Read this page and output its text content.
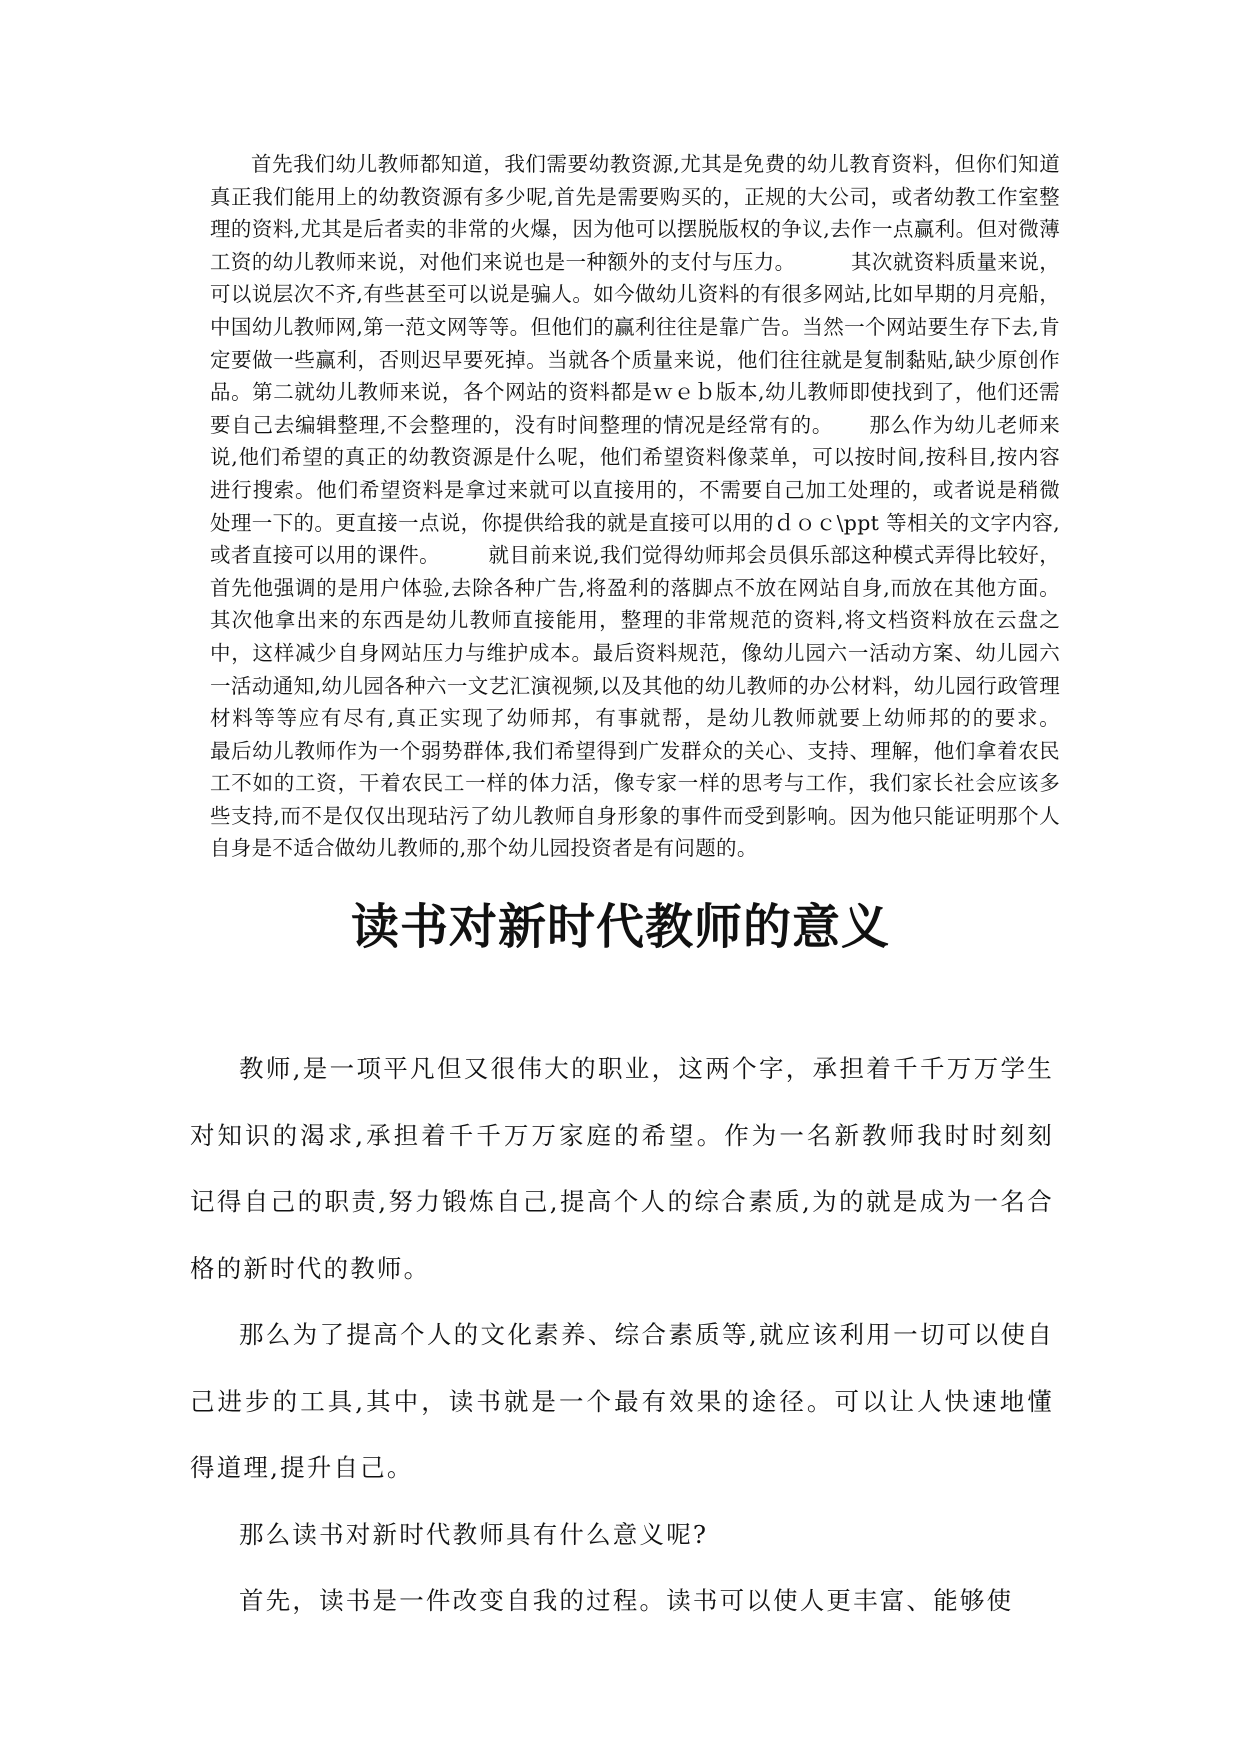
首先我们幼儿教师都知道，我们需要幼教资源,尤其是免费的幼儿教育资料，但你们知道真正我们能用上的幼教资源有多少呢,首先是需要购买的，正规的大公司，或者幼教工作室整理的资料,尤其是后者卖的非常的火爆，因为他可以摆脱版权的争议,去作一点赢利。但对微薄工资的幼儿教师来说，对他们来说也是一种额外的支付与压力。        其次就资料质量来说，可以说层次不齐,有些甚至可以说是骗人。如今做幼儿资料的有很多网站,比如早期的月亮船，中国幼儿教师网,第一范文网等等。但他们的赢利往往是靠广告。当然一个网站要生存下去,肯定要做一些赢利，否则迟早要死掉。当就各个质量来说，他们往往就是复制黏贴,缺少原创作品。第二就幼儿教师来说，各个网站的资料都是ｗｅｂ版本,幼儿教师即使找到了，他们还需要自己去编辑整理,不会整理的，没有时间整理的情况是经常有的。     那么作为幼儿老师来说,他们希望的真正的幼教资源是什么呢，他们希望资料像菜单，可以按时间,按科目,按内容进行搜索。他们希望资料是拿过来就可以直接用的，不需要自己加工处理的，或者说是稍微处理一下的。更直接一点说，你提供给我的就是直接可以用的ｄｏｃ\ppt 等相关的文字内容,或者直接可以用的课件。       就目前来说,我们觉得幼师邦会员俱乐部这种模式弄得比较好，首先他强调的是用户体验,去除各种广告,将盈利的落脚点不放在网站自身,而放在其他方面。其次他拿出来的东西是幼儿教师直接能用，整理的非常规范的资料,将文档资料放在云盘之中，这样减少自身网站压力与维护成本。最后资料规范，像幼儿园六一活动方案、幼儿园六一活动通知,幼儿园各种六一文艺汇演视频,以及其他的幼儿教师的办公材料，幼儿园行政管理材料等等应有尽有,真正实现了幼师邦，有事就帮，是幼儿教师就要上幼师邦的的要求。     最后幼儿教师作为一个弱势群体,我们希望得到广发群众的关心、支持、理解，他们拿着农民工不如的工资，干着农民工一样的体力活，像专家一样的思考与工作，我们家长社会应该多些支持,而不是仅仅出现玷污了幼儿教师自身形象的事件而受到影响。因为他只能证明那个人自身是不适合做幼儿教师的,那个幼儿园投资者是有问题的。

读书对新时代教师的意义

教师,是一项平凡但又很伟大的职业，这两个字，承担着千千万万学生对知识的渴求,承担着千千万万家庭的希望。作为一名新教师我时时刻刻记得自己的职责,努力锻炼自己,提高个人的综合素质,为的就是成为一名合格的新时代的教师。

那么为了提高个人的文化素养、综合素质等,就应该利用一切可以使自己进步的工具,其中，读书就是一个最有效果的途径。可以让人快速地懂得道理,提升自己。

那么读书对新时代教师具有什么意义呢?

首先，读书是一件改变自我的过程。读书可以使人更丰富、能够使
